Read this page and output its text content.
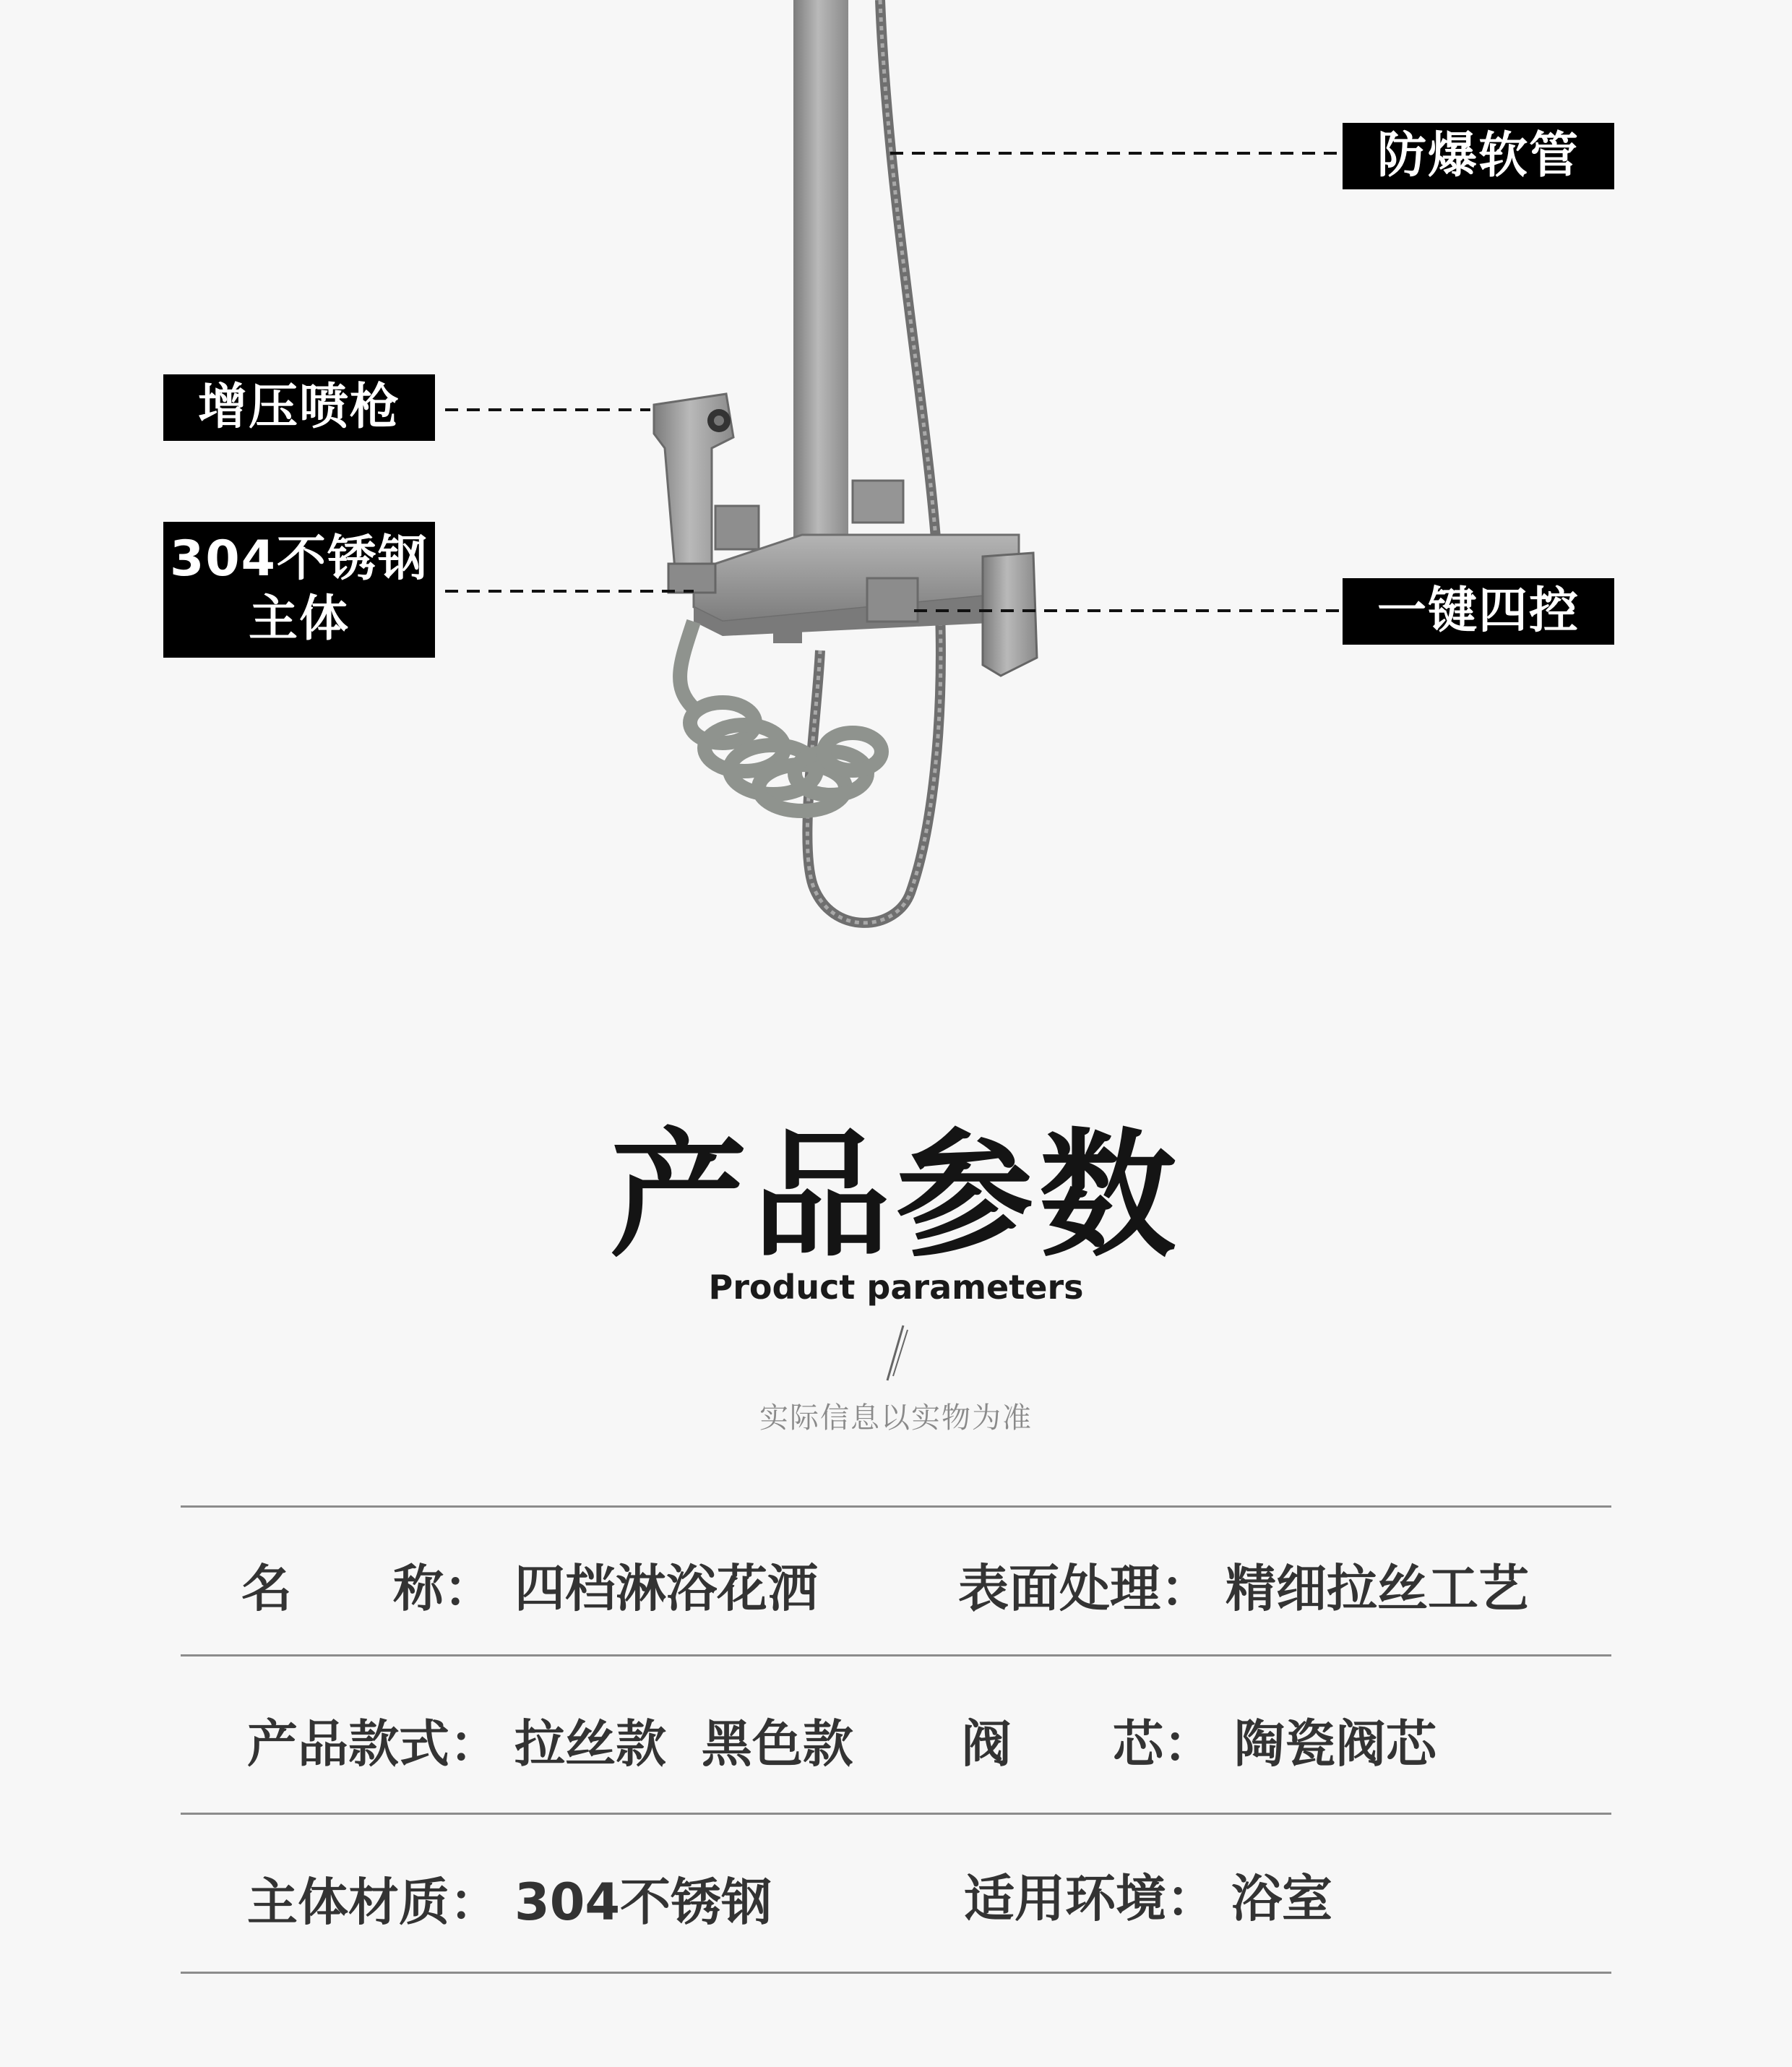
防爆软管
增压喷枪
304不锈钢
主体	一键四控
产品参数
Product parameters
实际信息以实物为准
名　　称： 四档淋浴花洒	表面处理： 精细拉丝工艺
产品款式： 拉丝款  黑色款 阀　　芯： 陶瓷阀芯
主体材质： 304不锈钢	适用环境： 浴室
